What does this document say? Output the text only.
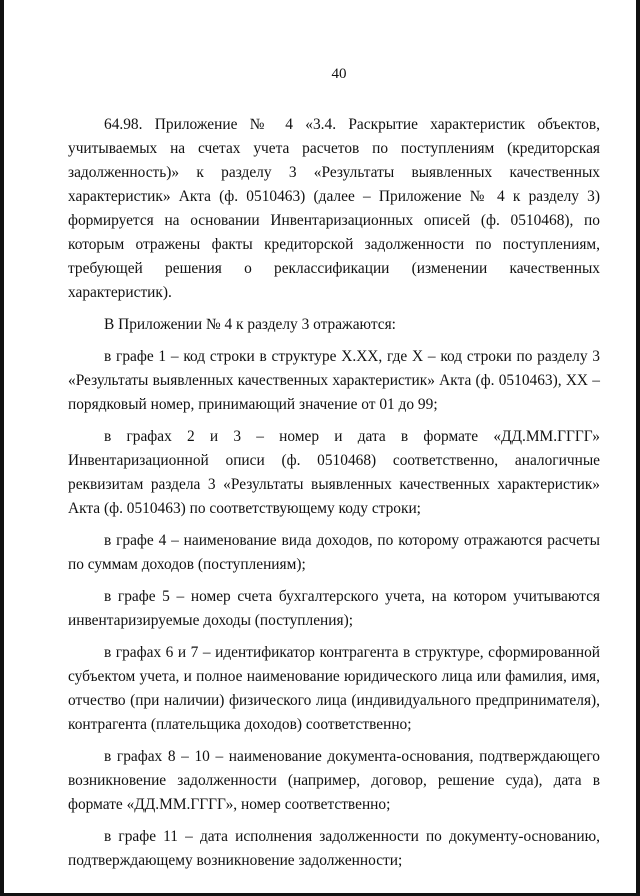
40

64.98. Приложение № 4 «3.4. Раскрытие характеристик объектов, учитываемых на счетах учета расчетов по поступлениям (кредиторская задолженность)» к разделу 3 «Результаты выявленных качественных характеристик» Акта (ф. 0510463) (далее – Приложение № 4 к разделу 3) формируется на основании Инвентаризационных описей (ф. 0510468), по которым отражены факты кредиторской задолженности по поступлениям, требующей решения о реклассификации (изменении качественных характеристик).

В Приложении № 4 к разделу 3 отражаются:

в графе 1 – код строки в структуре Х.ХХ, где Х – код строки по разделу 3 «Результаты выявленных качественных характеристик» Акта (ф. 0510463), ХХ – порядковый номер, принимающий значение от 01 до 99;

в графах 2 и 3 – номер и дата в формате «ДД.ММ.ГГГГ» Инвентаризационной описи (ф. 0510468) соответственно, аналогичные реквизитам раздела 3 «Результаты выявленных качественных характеристик» Акта (ф. 0510463) по соответствующему коду строки;

в графе 4 – наименование вида доходов, по которому отражаются расчеты по суммам доходов (поступлениям);

в графе 5 – номер счета бухгалтерского учета, на котором учитываются инвентаризируемые доходы (поступления);

в графах 6 и 7 – идентификатор контрагента в структуре, сформированной субъектом учета, и полное наименование юридического лица или фамилия, имя, отчество (при наличии) физического лица (индивидуального предпринимателя), контрагента (плательщика доходов) соответственно;

в графах 8 – 10 – наименование документа-основания, подтверждающего возникновение задолженности (например, договор, решение суда), дата в формате «ДД.ММ.ГГГГ», номер соответственно;

в графе 11 – дата исполнения задолженности по документу-основанию, подтверждающему возникновение задолженности;
